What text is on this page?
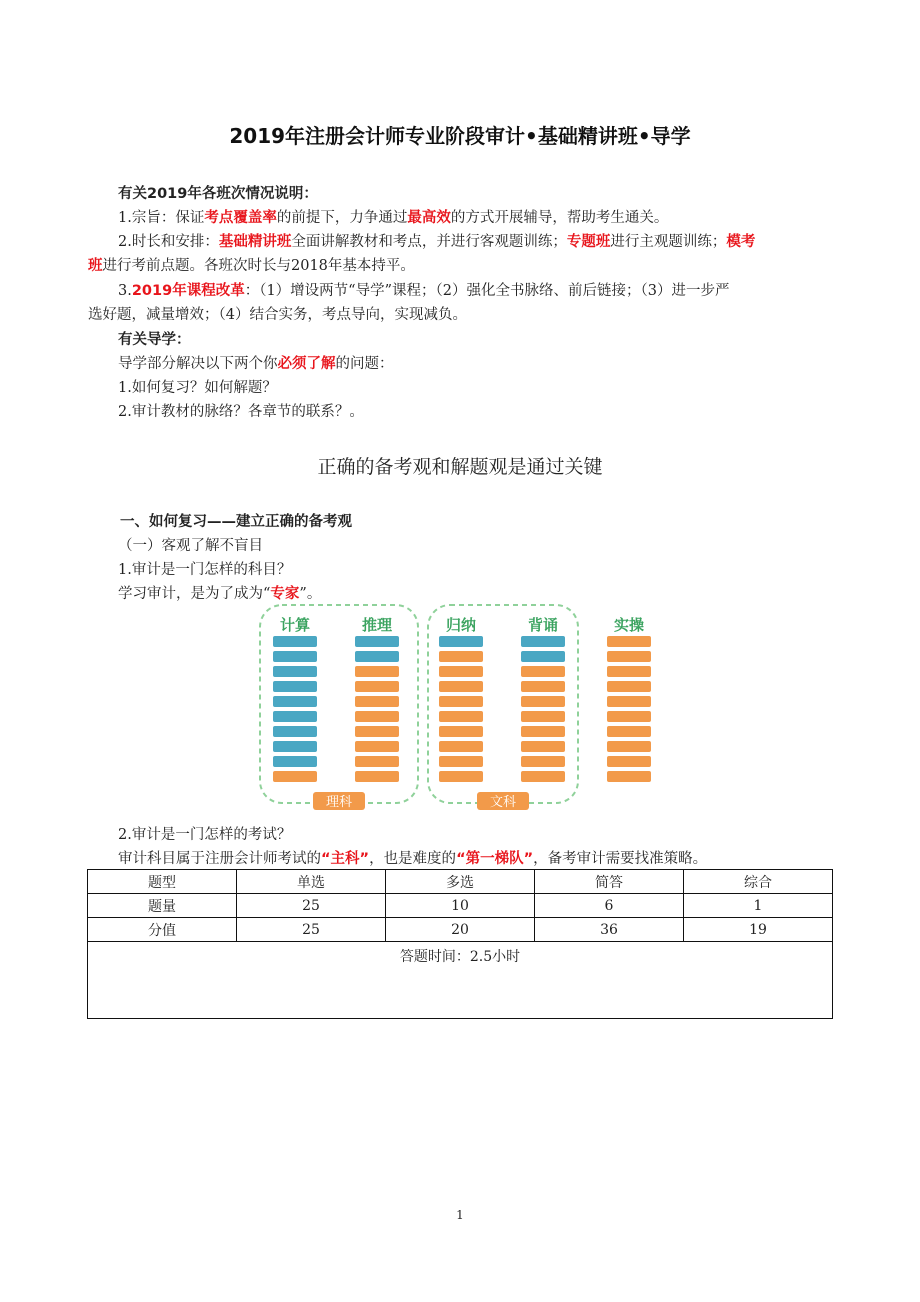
2019年注册会计师专业阶段审计•基础精讲班•导学
有关2019年各班次情况说明：
1.宗旨：保证考点覆盖率的前提下，力争通过最高效的方式开展辅导，帮助考生通关。
2.时长和安排：基础精讲班全面讲解教材和考点，并进行客观题训练；专题班进行主观题训练；模考
班进行考前点题。各班次时长与2018年基本持平。
3.2019年课程改革：（1）增设两节“导学”课程；（2）强化全书脉络、前后链接；（3）进一步严
选好题，减量增效；（4）结合实务，考点导向，实现减负。
有关导学：
导学部分解决以下两个你必须了解的问题：
1.如何复习？如何解题？
2.审计教材的脉络？各章节的联系？。
正确的备考观和解题观是通过关键
一、如何复习——建立正确的备考观
（一）客观了解不盲目
1.审计是一门怎样的科目？
学习审计，是为了成为“专家”。
计算	推理	归纳	背诵	实操
理科	文科
2.审计是一门怎样的考试？
审计科目属于注册会计师考试的“主科”，也是难度的“第一梯队”，备考审计需要找准策略。
题型	单选	多选	简答	综合
题量	25	10	6	1
分值	25	20	36	19
答题时间：2.5小时				
1
